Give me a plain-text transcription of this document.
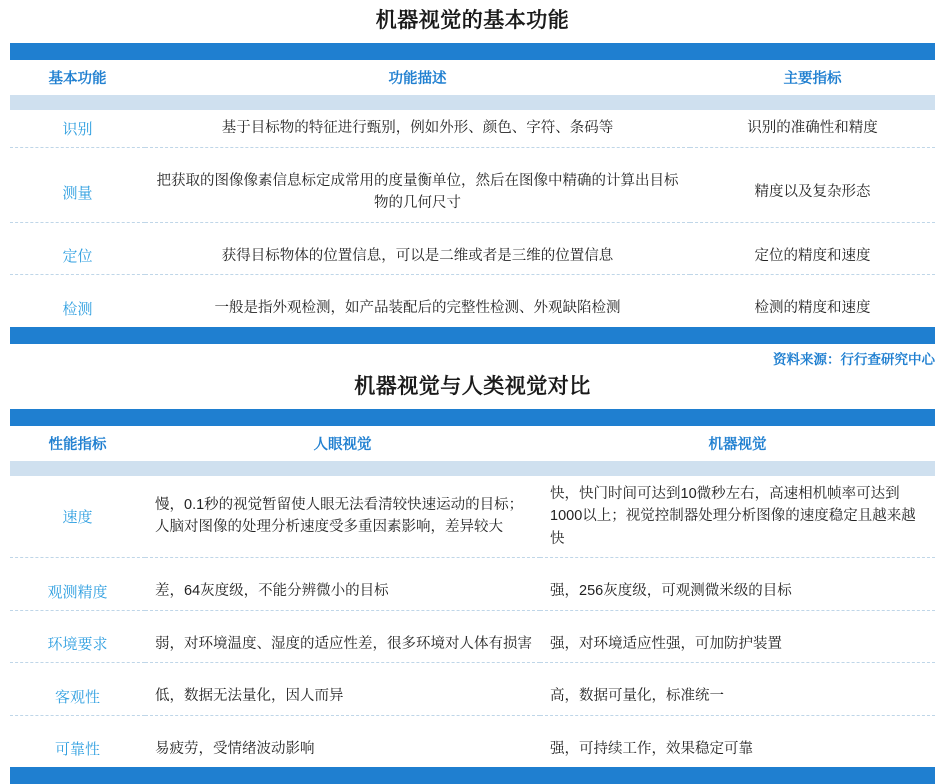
机器视觉的基本功能

基本功能	功能描述	主要指标

识别	基于目标物的特征进行甄别，例如外形、颜色、字符、条码等	识别的准确性和精度

测量	把获取的图像像素信息标定成常用的度量衡单位，然后在图像中精确的计算出目标物的几何尺寸	精度以及复杂形态

定位	获得目标物体的位置信息，可以是二维或者是三维的位置信息	定位的精度和速度

检测	一般是指外观检测，如产品装配后的完整性检测、外观缺陷检测	检测的精度和速度

资料来源：行行查研究中心
机器视觉与人类视觉对比

性能指标	人眼视觉	机器视觉

速度	慢，0.1秒的视觉暂留使人眼无法看清较快速运动的目标；人脑对图像的处理分析速度受多重因素影响，差异较大	快，快门时间可达到10微秒左右，高速相机帧率可达到1000以上；视觉控制器处理分析图像的速度稳定且越来越快

观测精度	差，64灰度级，不能分辨微小的目标	强，256灰度级，可观测微米级的目标

环境要求	弱，对环境温度、湿度的适应性差，很多环境对人体有损害	强，对环境适应性强，可加防护装置

客观性	低，数据无法量化，因人而异	高，数据可量化，标准统一

可靠性	易疲劳，受情绪波动影响	强，可持续工作，效果稳定可靠
